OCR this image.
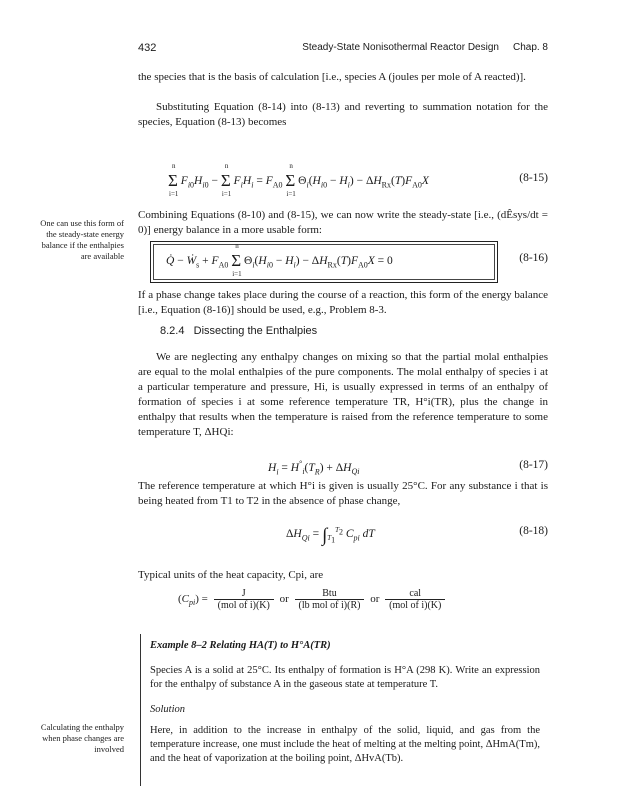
432	Steady-State Nonisothermal Reactor Design Chap. 8

the species that is the basis of calculation [i.e., species A (joules per mole of A reacted)].

Substituting Equation (8-14) into (8-13) and reverting to summation notation for the species, Equation (8-13) becomes

Σ
n
i=1
$F_{i0}H_{i0} - \Sigma$
n
i=1
$F_iH_i = F_{A0}$ Σ
n
i=1
$\Theta_i(H_{i0} - H_i) - \Delta H_{Rx}(T)F_{A0}X$	(8-15)

Combining Equations (8-10) and (8-15), we can now write the steady-state [i.e., (dÊsys/dt = 0)] energy balance in a more usable form:

One can use this form of the steady-state energy balance if the enthalpies are available	Q̇ − Ẇ$_s$ + $F_{A0}$ Σ
n
i=1
$\Theta_i(H_{i0} - H_i) - \Delta H_{Rx}(T)F_{A0}X = 0$	(8-16)

If a phase change takes place during the course of a reaction, this form of the energy balance [i.e., Equation (8-16)] should be used, e.g., Problem 8-3.

8.2.4 Dissecting the Enthalpies

We are neglecting any enthalpy changes on mixing so that the partial molal enthalpies are equal to the molal enthalpies of the pure components. The molal enthalpy of species i at a particular temperature and pressure, Hi, is usually expressed in terms of an enthalpy of formation of species i at some reference temperature TR, H°i(TR), plus the change in enthalpy that results when the temperature is raised from the reference temperature to some temperature T, ΔHQi:

$H_i = H^\circ_i(T_R) + \Delta H_{Qi}$
(8-17)

The reference temperature at which H°i is given is usually 25°C. For any substance i that is being heated from T1 to T2 in the absence of phase change,

$\Delta H_{Qi} = \int_{T_1}^{T_2}$ $C_{pi}$ dT	(8-18)

Typical units of the heat capacity, Cpi, are

$(C_{pi}) = \frac{J}{\text{(mol of i)(K)}}$ or $\frac{\text{Btu}}{\text{(lb mol of i)(R)}}$ or $\frac{\text{cal}}{\text{(mol of i)(K)}}$
Example 8–2 Relating HA(T) to H°A(TR)

Species A is a solid at 25°C. Its enthalpy of formation is H°A (298 K). Write an expression for the enthalpy of substance A in the gaseous state at temperature T.

Solution

Here, in addition to the increase in enthalpy of the solid, liquid, and gas from the temperature increase, one must include the heat of melting at the melting point, ΔHmA(Tm), and the heat of vaporization at the boiling point, ΔHvA(Tb).

Calculating the enthalpy when phase changes are involved
